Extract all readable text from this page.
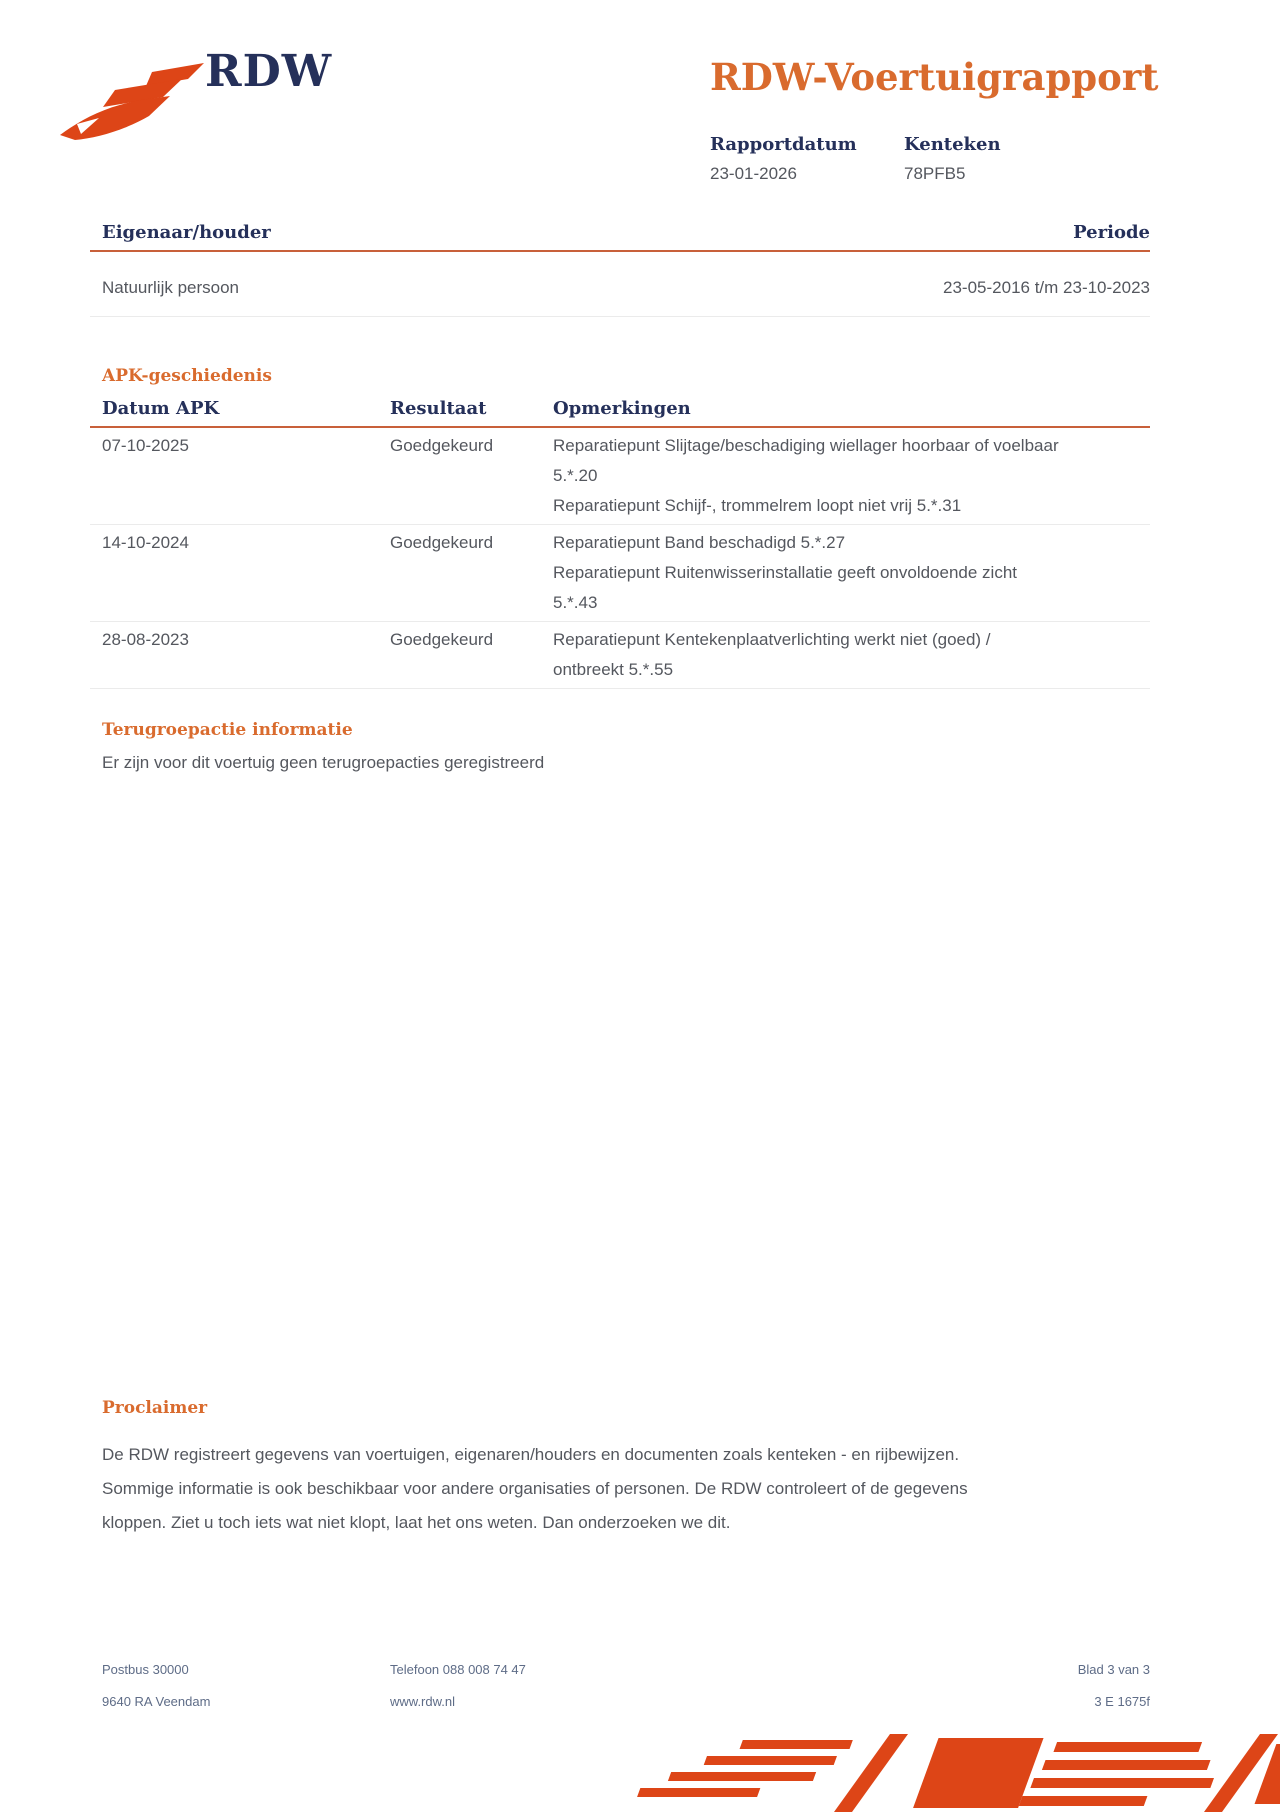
RDW	RDW-Voertuigrapport
Rapportdatum
23-01-2026
Kenteken
78PFB5
Eigenaar/houder	Periode
Natuurlijk persoon	23-05-2016 t/m 23-10-2023
APK-geschiedenis
Datum APK	Resultaat	Opmerkingen
07-10-2025	Goedgekeurd	Reparatiepunt Slijtage/beschadiging wiellager hoorbaar of voelbaar
5.*.20
Reparatiepunt Schijf-, trommelrem loopt niet vrij 5.*.31
14-10-2024	Goedgekeurd	Reparatiepunt Band beschadigd 5.*.27
Reparatiepunt Ruitenwisserinstallatie geeft onvoldoende zicht
5.*.43
28-08-2023	Goedgekeurd	Reparatiepunt Kentekenplaatverlichting werkt niet (goed) /
ontbreekt 5.*.55
Terugroepactie informatie

Er zijn voor dit voertuig geen terugroepacties geregistreerd

Proclaimer
De RDW registreert gegevens van voertuigen, eigenaren/houders en documenten zoals kenteken - en rijbewijzen.
Sommige informatie is ook beschikbaar voor andere organisaties of personen. De RDW controleert of de gegevens
kloppen. Ziet u toch iets wat niet klopt, laat het ons weten. Dan onderzoeken we dit.
Postbus 30000
9640 RA Veendam
Telefoon 088 008 74 47
www.rdw.nl
Blad 3 van 3
3 E 1675f
